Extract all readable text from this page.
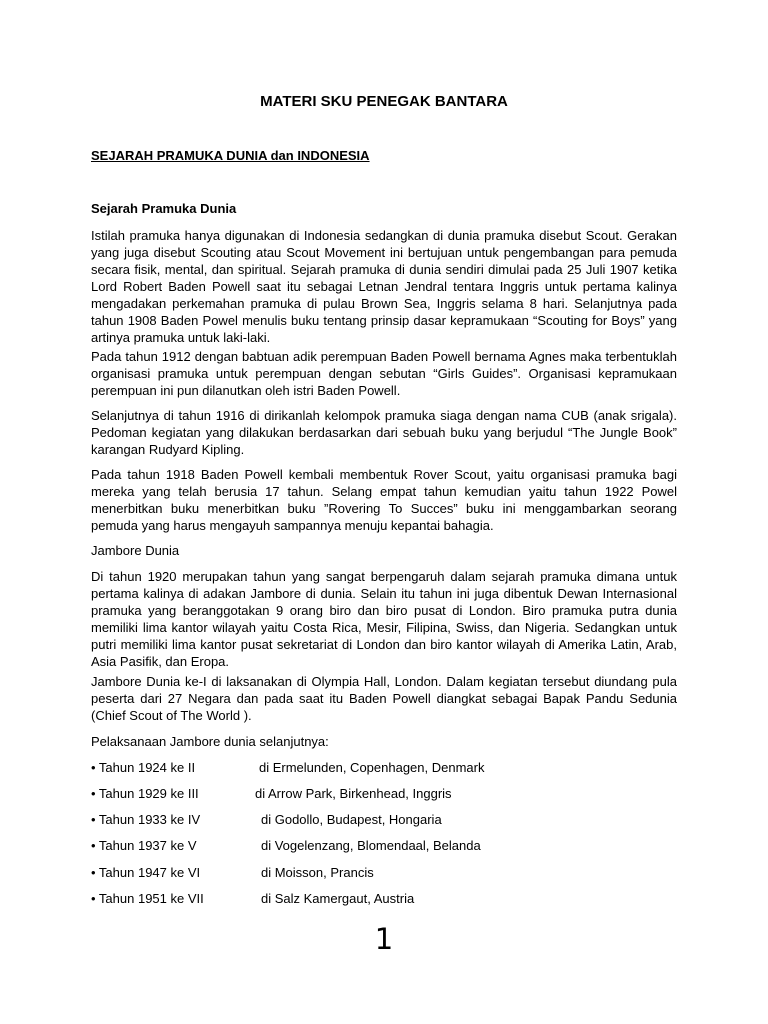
MATERI SKU PENEGAK BANTARA
SEJARAH PRAMUKA DUNIA dan INDONESIA
Sejarah Pramuka Dunia

Istilah pramuka hanya digunakan di Indonesia sedangkan di dunia pramuka disebut Scout. Gerakan yang juga disebut Scouting atau Scout Movement ini bertujuan untuk pengembangan para pemuda secara fisik, mental, dan spiritual. Sejarah pramuka di dunia sendiri dimulai pada 25 Juli 1907 ketika Lord Robert Baden Powell saat itu sebagai Letnan Jendral tentara Inggris untuk pertama kalinya mengadakan perkemahan pramuka di pulau Brown Sea, Inggris selama 8 hari. Selanjutnya pada tahun 1908 Baden Powel menulis buku tentang prinsip dasar kepramukaan “Scouting for Boys” yang artinya pramuka untuk laki-laki.

Pada tahun 1912 dengan babtuan adik perempuan Baden Powell bernama Agnes maka terbentuklah organisasi pramuka untuk perempuan dengan sebutan “Girls Guides”. Organisasi kepramukaan perempuan ini pun dilanutkan oleh istri Baden Powell.

Selanjutnya di tahun 1916 di dirikanlah kelompok pramuka siaga dengan nama CUB (anak srigala). Pedoman kegiatan yang dilakukan berdasarkan dari sebuah buku yang berjudul “The Jungle Book” karangan Rudyard Kipling.

Pada tahun 1918 Baden Powell kembali membentuk Rover Scout, yaitu organisasi pramuka bagi mereka yang telah berusia 17 tahun. Selang empat tahun kemudian yaitu tahun 1922 Powel menerbitkan buku menerbitkan buku ”Rovering To Succes” buku ini menggambarkan seorang pemuda yang harus mengayuh sampannya menuju kepantai bahagia.

Jambore Dunia

Di tahun 1920 merupakan tahun yang sangat berpengaruh dalam sejarah pramuka dimana untuk pertama kalinya di adakan Jambore di dunia. Selain itu tahun ini juga dibentuk Dewan Internasional pramuka yang beranggotakan 9 orang biro dan biro pusat di London. Biro pramuka putra dunia memiliki lima kantor wilayah yaitu Costa Rica, Mesir, Filipina, Swiss, dan Nigeria. Sedangkan untuk putri memiliki lima kantor pusat sekretariat di London dan biro kantor wilayah di Amerika Latin, Arab, Asia Pasifik, dan Eropa.

Jambore Dunia ke-I di laksanakan di Olympia Hall, London. Dalam kegiatan tersebut diundang pula peserta dari 27 Negara dan pada saat itu Baden Powell diangkat sebagai Bapak Pandu Sedunia (Chief Scout of The World ).

Pelaksanaan Jambore dunia selanjutnya:

• Tahun 1924 ke II	di Ermelunden, Copenhagen, Denmark
• Tahun 1929 ke III	di Arrow Park, Birkenhead, Inggris
• Tahun 1933 ke IV	di Godollo, Budapest, Hongaria
• Tahun 1937 ke V	di Vogelenzang, Blomendaal, Belanda
• Tahun 1947 ke VI	di Moisson, Prancis
• Tahun 1951 ke VII	di Salz Kamergaut, Austria
1
